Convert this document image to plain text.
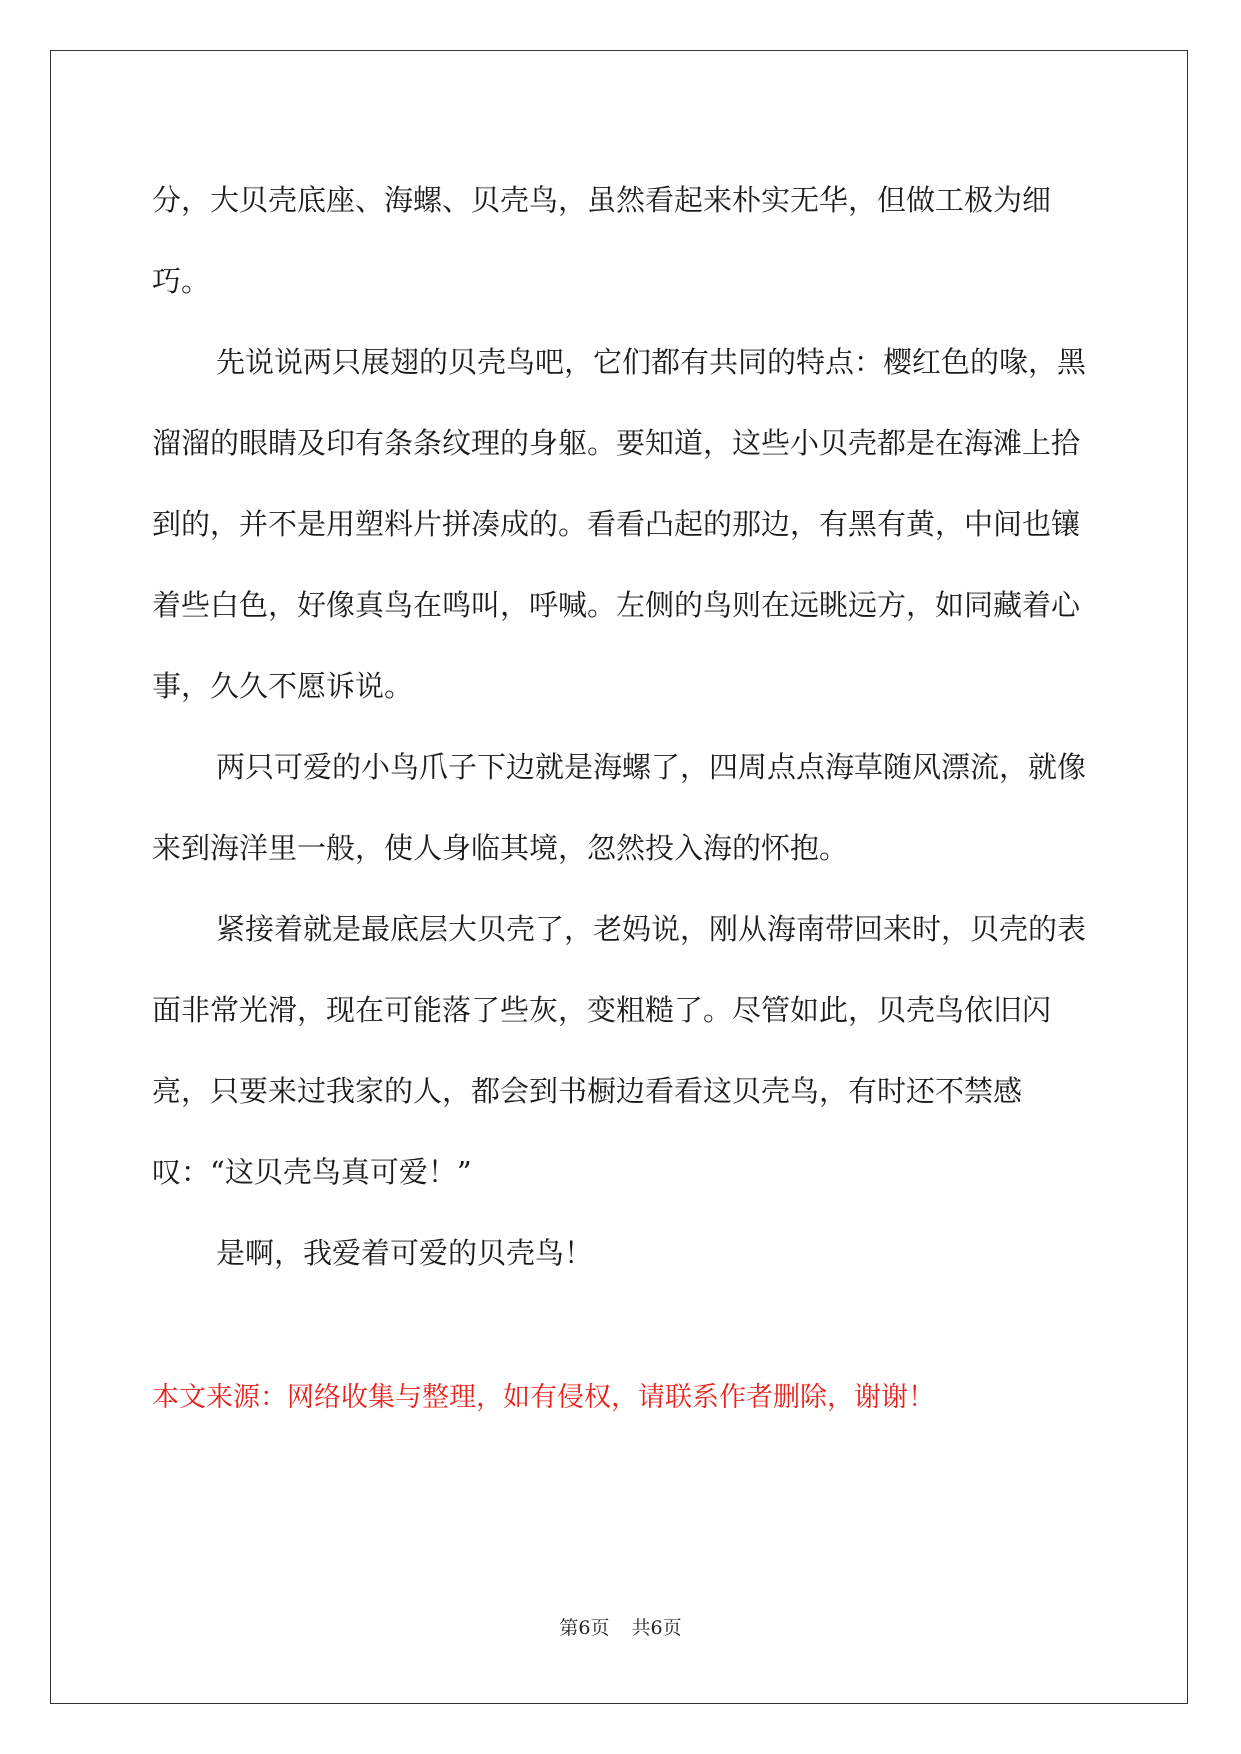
分，大贝壳底座、海螺、贝壳鸟，虽然看起来朴实无华，但做工极为细巧。

先说说两只展翅的贝壳鸟吧，它们都有共同的特点：樱红色的喙，黑溜溜的眼睛及印有条条纹理的身躯。要知道，这些小贝壳都是在海滩上拾到的，并不是用塑料片拼凑成的。看看凸起的那边，有黑有黄，中间也镶着些白色，好像真鸟在鸣叫，呼喊。左侧的鸟则在远眺远方，如同藏着心事，久久不愿诉说。

两只可爱的小鸟爪子下边就是海螺了，四周点点海草随风漂流，就像来到海洋里一般，使人身临其境，忽然投入海的怀抱。

紧接着就是最底层大贝壳了，老妈说，刚从海南带回来时，贝壳的表面非常光滑，现在可能落了些灰，变粗糙了。尽管如此，贝壳鸟依旧闪亮，只要来过我家的人，都会到书橱边看看这贝壳鸟，有时还不禁感叹：“这贝壳鸟真可爱！”

是啊，我爱着可爱的贝壳鸟！

本文来源：网络收集与整理，如有侵权，请联系作者删除，谢谢！
第6页 共6页
